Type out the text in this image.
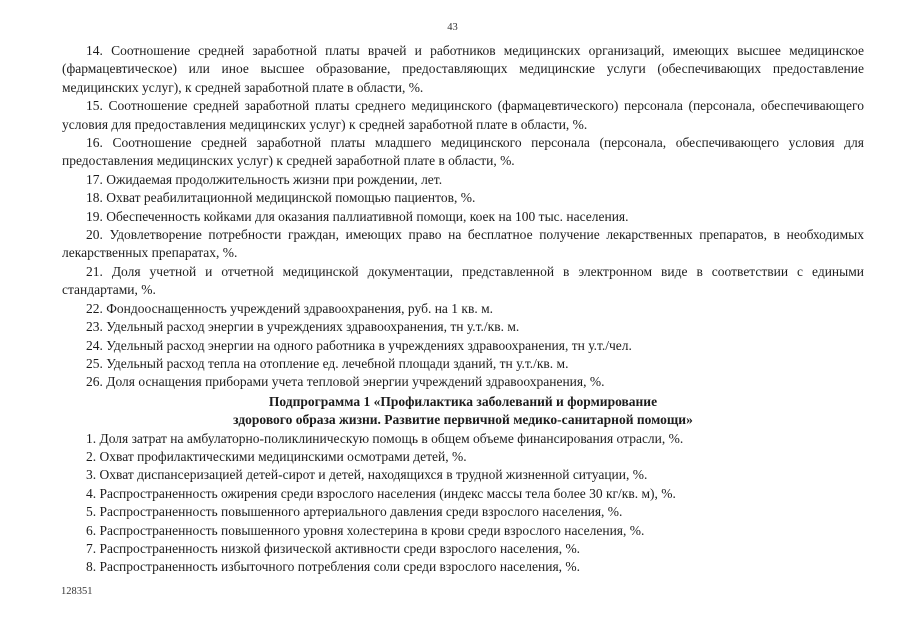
43

14. Соотношение средней заработной платы врачей и работников медицинских организаций, имеющих высшее медицинское (фармацевтическое) или иное высшее образование, предоставляющих медицинские услуги (обеспечивающих предоставление медицинских услуг), к средней заработной плате в области, %.

15. Соотношение средней заработной платы среднего медицинского (фармацевтического) персонала (персонала, обеспечивающего условия для предоставления медицинских услуг) к средней заработной плате в области, %.

16. Соотношение средней заработной платы младшего медицинского персонала (персонала, обеспечивающего условия для предоставления медицинских услуг) к средней заработной плате в области, %.

17. Ожидаемая продолжительность жизни при рождении, лет.

18. Охват реабилитационной медицинской помощью пациентов, %.

19. Обеспеченность койками для оказания паллиативной помощи, коек на 100 тыс. населения.

20. Удовлетворение потребности граждан, имеющих право на бесплатное получение лекарственных препаратов, в необходимых лекарственных препаратах, %.

21. Доля учетной и отчетной медицинской документации, представленной в электронном виде в соответствии с едиными стандартами, %.

22. Фондооснащенность учреждений здравоохранения, руб. на 1 кв. м.

23. Удельный расход энергии в учреждениях здравоохранения, тн у.т./кв. м.

24. Удельный расход энергии на одного работника в учреждениях здравоохранения, тн у.т./чел.

25. Удельный расход тепла на отопление ед. лечебной площади зданий, тн у.т./кв. м.

26. Доля оснащения приборами учета тепловой энергии учреждений здравоохранения, %.

Подпрограмма 1 «Профилактика заболеваний и формирование
здорового образа жизни. Развитие первичной медико-санитарной помощи»

1. Доля затрат на амбулаторно-поликлиническую помощь в общем объеме финансирования отрасли, %.

2. Охват профилактическими медицинскими осмотрами детей, %.

3. Охват диспансеризацией детей-сирот и детей, находящихся в трудной жизненной ситуации, %.

4. Распространенность ожирения среди взрослого населения (индекс массы тела более 30 кг/кв. м), %.

5. Распространенность повышенного артериального давления среди взрослого населения, %.

6. Распространенность повышенного уровня холестерина в крови среди взрослого населения, %.

7. Распространенность низкой физической активности среди взрослого населения, %.

8. Распространенность избыточного потребления соли среди взрослого населения, %.

128351
